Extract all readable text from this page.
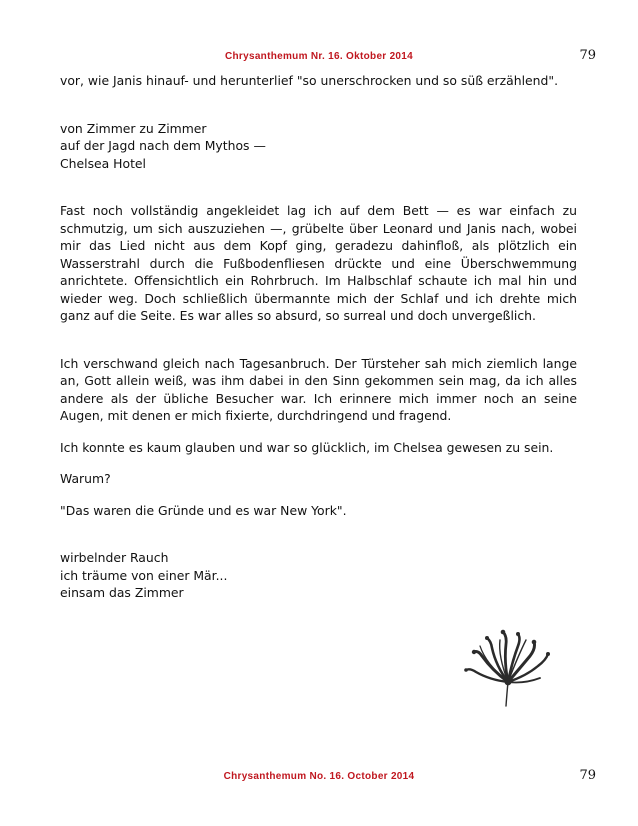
Chrysanthemum Nr. 16. Oktober 2014	79

vor, wie Janis hinauf- und herunterlief "so unerschrocken und so süß erzählend".

von Zimmer zu Zimmer
auf der Jagd nach dem Mythos —
Chelsea Hotel

Fast noch vollständig angekleidet lag ich auf dem Bett — es war einfach zu schmutzig, um sich auszuziehen —, grübelte über Leonard und Janis nach, wobei mir das Lied nicht aus dem Kopf ging, geradezu dahinfloß, als plötzlich ein Wasserstrahl durch die Fußbodenfliesen drückte und eine Überschwemmung anrichtete. Offensichtlich ein Rohrbruch. Im Halbschlaf schaute ich mal hin und wieder weg. Doch schließlich übermannte mich der Schlaf und ich drehte mich ganz auf die Seite. Es war alles so absurd, so surreal und doch unvergeßlich.

Ich verschwand gleich nach Tagesanbruch. Der Türsteher sah mich ziemlich lange an, Gott allein weiß, was ihm dabei in den Sinn gekommen sein mag, da ich alles andere als der übliche Besucher war. Ich erinnere mich immer noch an seine Augen, mit denen er mich fixierte, durchdringend und fragend.

Ich konnte es kaum glauben und war so glücklich, im Chelsea gewesen zu sein.

Warum?

"Das waren die Gründe und es war New York".

wirbelnder Rauch
ich träume von einer Mär...
einsam das Zimmer
Chrysanthemum No. 16. October 2014	79
